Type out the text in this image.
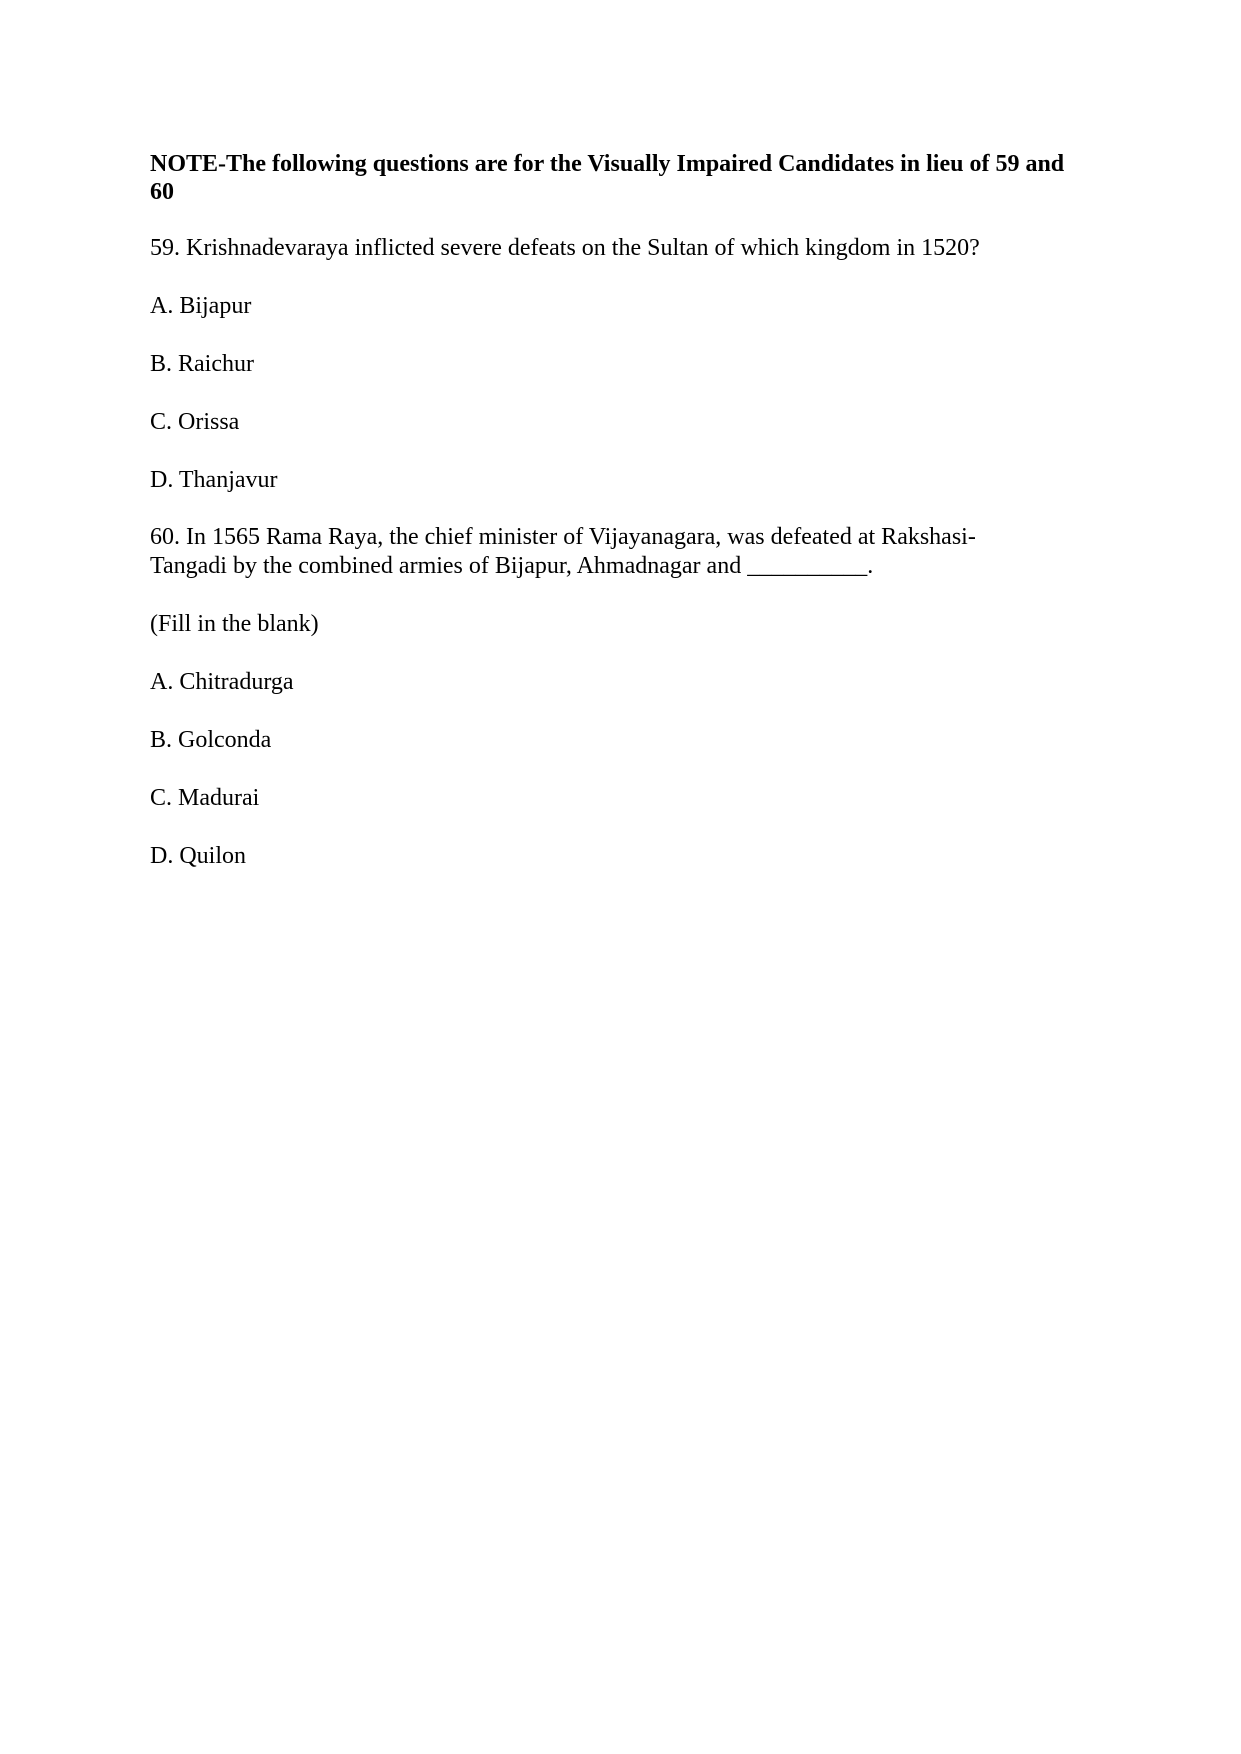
NOTE-The following questions are for the Visually Impaired Candidates in lieu of 59 and 60

59. Krishnadevaraya inflicted severe defeats on the Sultan of which kingdom in 1520?

A. Bijapur

B. Raichur

C. Orissa

D. Thanjavur

60. In 1565 Rama Raya, the chief minister of Vijayanagara, was defeated at Rakshasi-
Tangadi by the combined armies of Bijapur, Ahmadnagar and __________.

(Fill in the blank)

A. Chitradurga

B. Golconda

C. Madurai

D. Quilon
